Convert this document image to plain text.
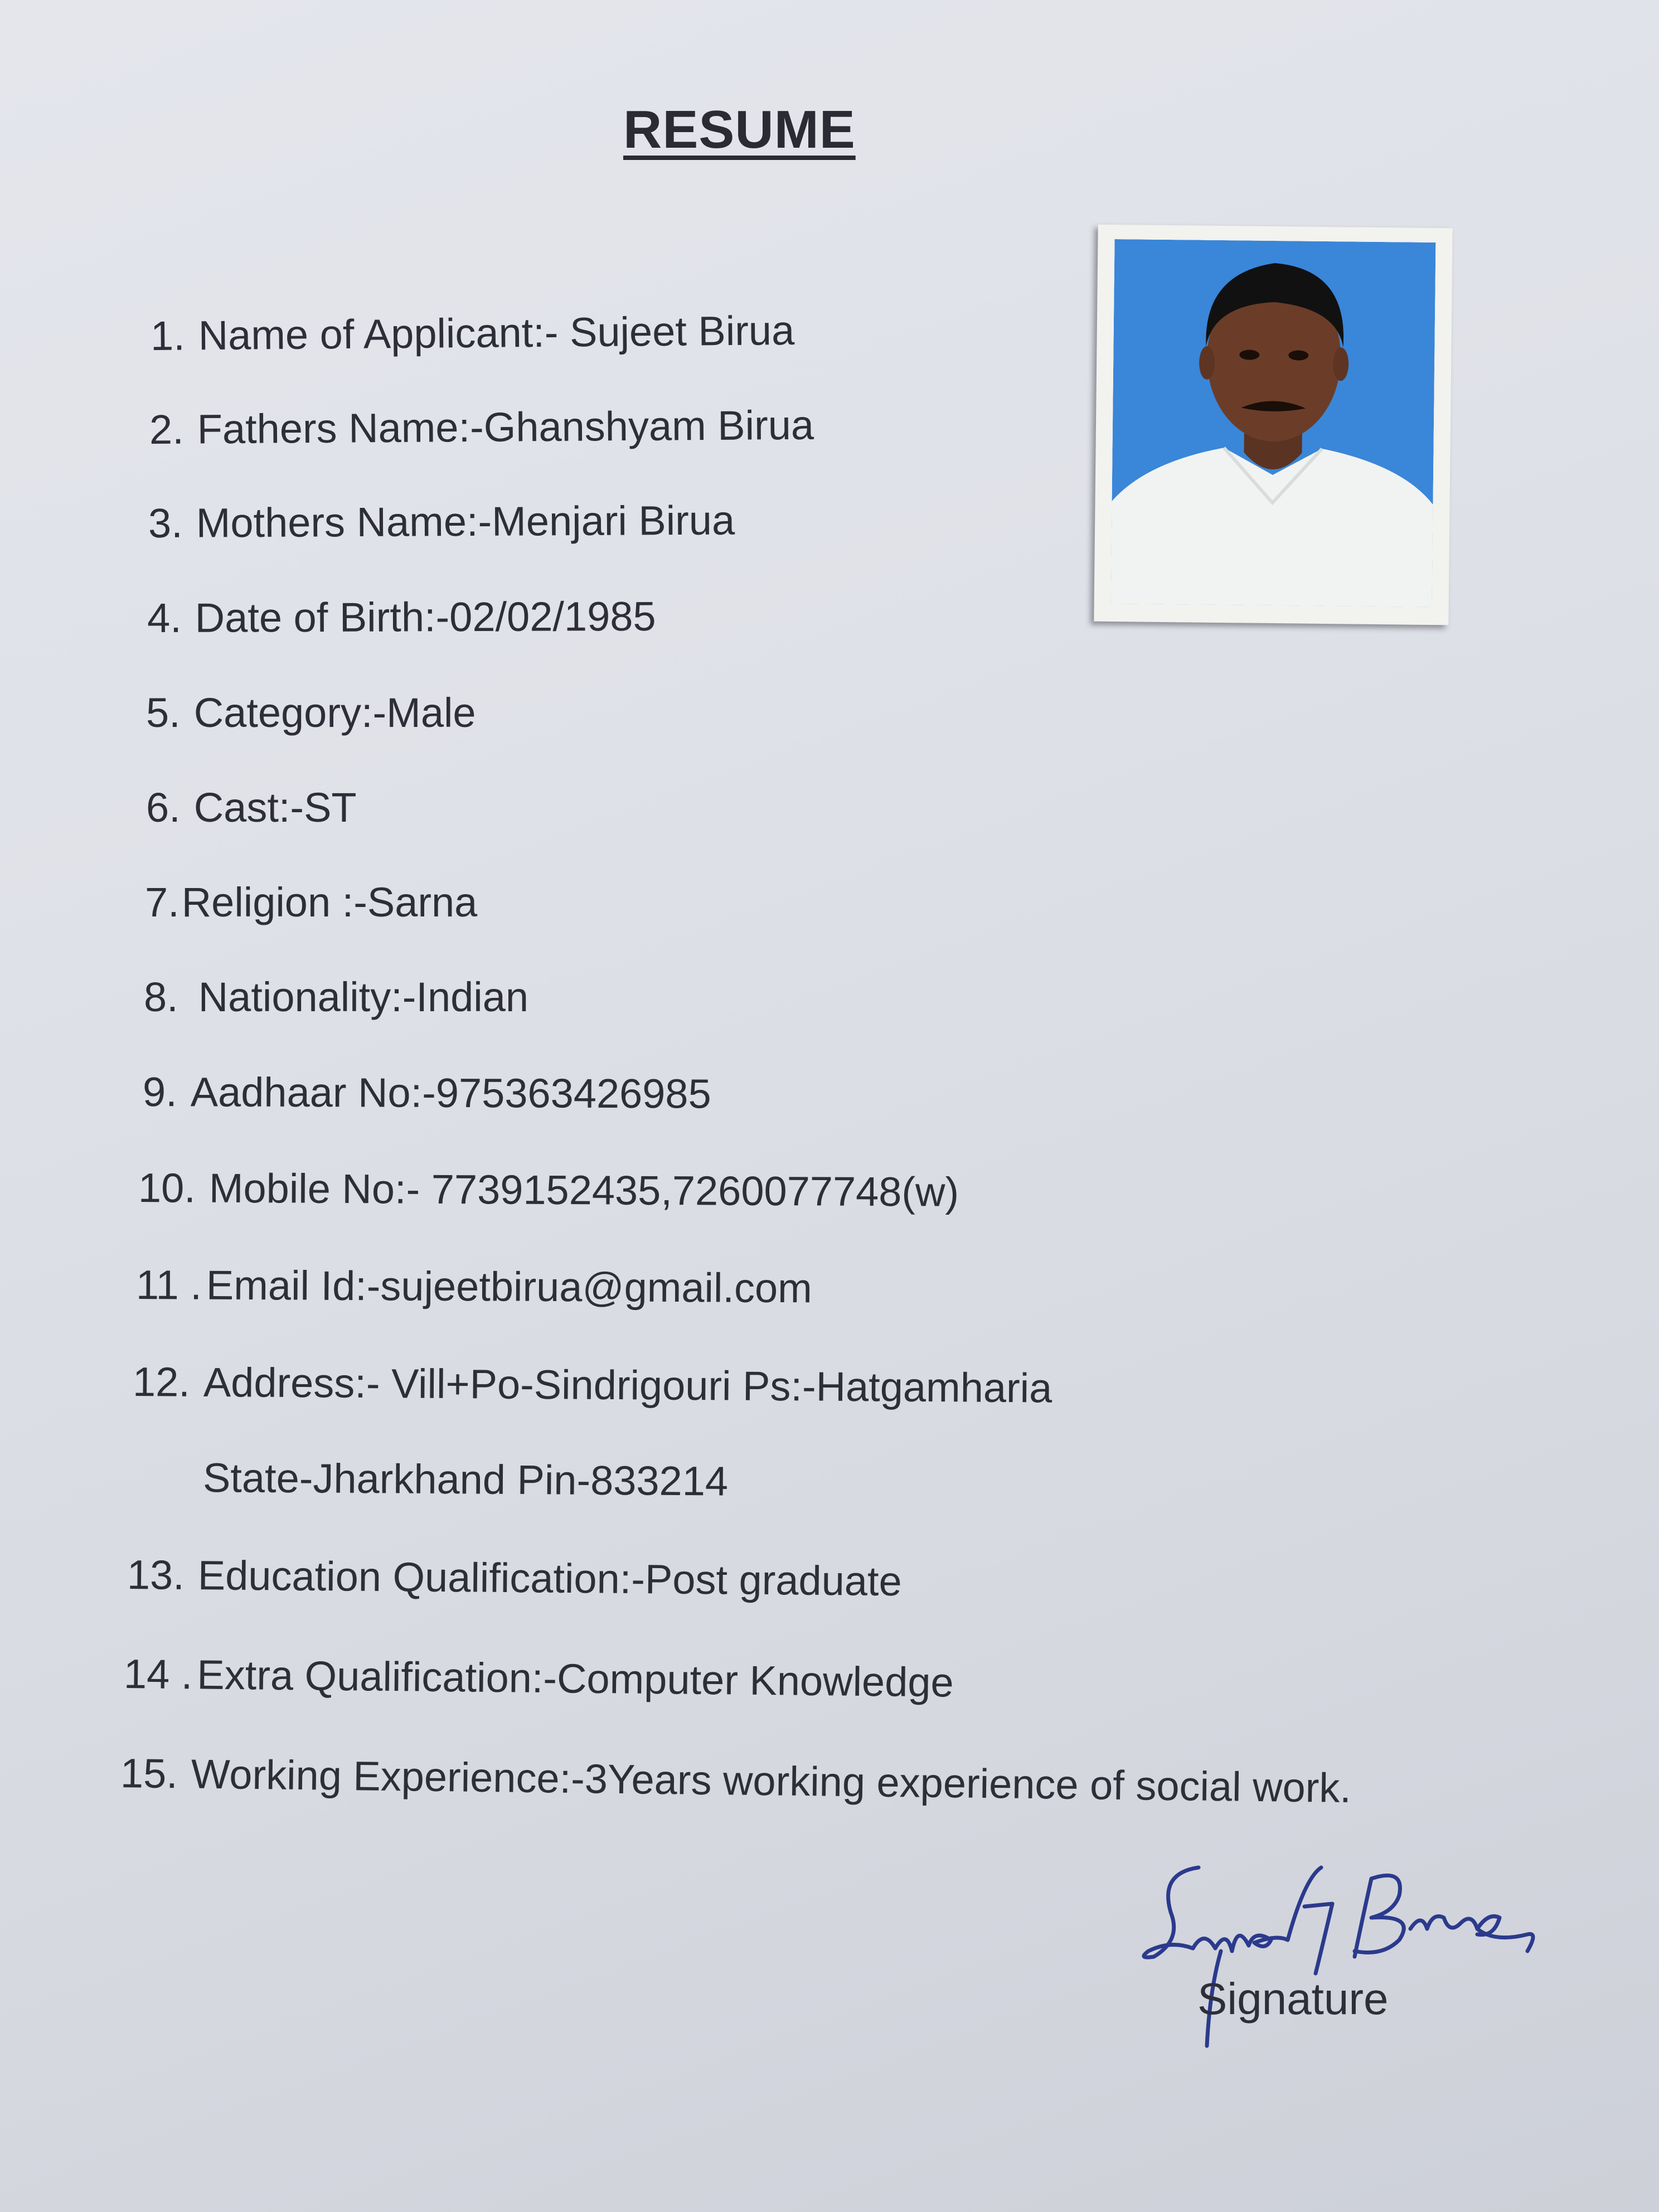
RESUME
1. Name of Applicant:- Sujeet Birua
2. Fathers Name:-Ghanshyam Birua
3. Mothers Name:-Menjari Birua
4. Date of Birth:-02/02/1985
5. Category:-Male
6. Cast:-ST
7.Religion :-Sarna
8. Nationality:-Indian
9. Aadhaar No:-975363426985
10. Mobile No:- 7739152435,7260077748(w)
11 . Email Id:-sujeetbirua@gmail.com
12. Address:- Vill+Po-Sindrigouri Ps:-Hatgamharia
State-Jharkhand Pin-833214
13. Education Qualification:-Post graduate
14 .Extra Qualification:-Computer Knowledge
15. Working Experience:-3Years working experience of social work.
Signature
